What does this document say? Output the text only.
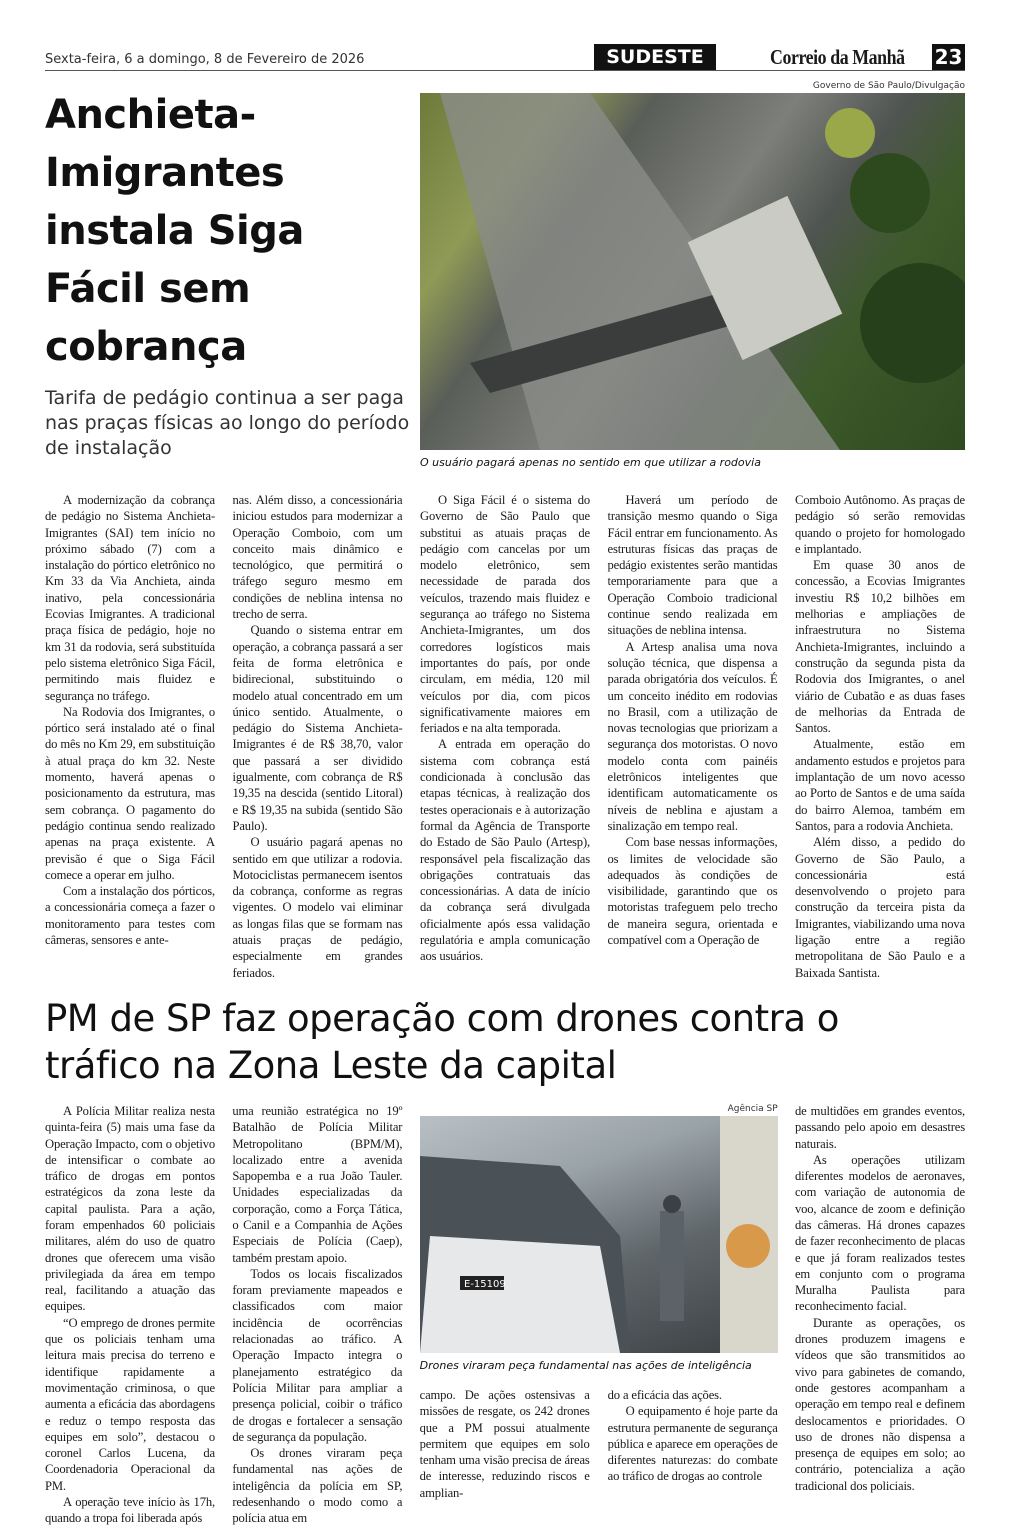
Sexta-feira, 6 a domingo, 8 de Fevereiro de 2026	SUDESTE	Correio da Manhã 23
Anchieta-Imigrantes instala Siga Fácil sem cobrança
Tarifa de pedágio continua a ser paga nas praças físicas ao longo do período de instalação
Governo de São Paulo/Divulgação
O usuário pagará apenas no sentido em que utilizar a rodovia

A modernização da cobrança de pedágio no Sistema Anchieta-Imigrantes (SAI) tem início no próximo sábado (7) com a instalação do pórtico eletrônico no Km 33 da Via Anchieta, ainda inativo, pela concessionária Ecovias Imigrantes. A tradicional praça física de pedágio, hoje no km 31 da rodovia, será substituída pelo sistema eletrônico Siga Fácil, permitindo mais fluidez e segurança no tráfego.

Na Rodovia dos Imigrantes, o pórtico será instalado até o final do mês no Km 29, em substituição à atual praça do km 32. Neste momento, haverá apenas o posicionamento da estrutura, mas sem cobrança. O pagamento do pedágio continua sendo realizado apenas na praça existente. A previsão é que o Siga Fácil comece a operar em julho.

Com a instalação dos pórticos, a concessionária começa a fazer o monitoramento para testes com câmeras, sensores e ante-

nas. Além disso, a concessionária iniciou estudos para modernizar a Operação Comboio, com um conceito mais dinâmico e tecnológico, que permitirá o tráfego seguro mesmo em condições de neblina intensa no trecho de serra.

Quando o sistema entrar em operação, a cobrança passará a ser feita de forma eletrônica e bidirecional, substituindo o modelo atual concentrado em um único sentido. Atualmente, o pedágio do Sistema Anchieta-Imigrantes é de R$ 38,70, valor que passará a ser dividido igualmente, com cobrança de R$ 19,35 na descida (sentido Litoral) e R$ 19,35 na subida (sentido São Paulo).

O usuário pagará apenas no sentido em que utilizar a rodovia. Motociclistas permanecem isentos da cobrança, conforme as regras vigentes. O modelo vai eliminar as longas filas que se formam nas atuais praças de pedágio, especialmente em grandes feriados.

O Siga Fácil é o sistema do Governo de São Paulo que substitui as atuais praças de pedágio com cancelas por um modelo eletrônico, sem necessidade de parada dos veículos, trazendo mais fluidez e segurança ao tráfego no Sistema Anchieta-Imigrantes, um dos corredores logísticos mais importantes do país, por onde circulam, em média, 120 mil veículos por dia, com picos significativamente maiores em feriados e na alta temporada.

A entrada em operação do sistema com cobrança está condicionada à conclusão das etapas técnicas, à realização dos testes operacionais e à autorização formal da Agência de Transporte do Estado de São Paulo (Artesp), responsável pela fiscalização das obrigações contratuais das concessionárias. A data de início da cobrança será divulgada oficialmente após essa validação regulatória e ampla comunicação aos usuários.

Haverá um período de transição mesmo quando o Siga Fácil entrar em funcionamento. As estruturas físicas das praças de pedágio existentes serão mantidas temporariamente para que a Operação Comboio tradicional continue sendo realizada em situações de neblina intensa.

A Artesp analisa uma nova solução técnica, que dispensa a parada obrigatória dos veículos. É um conceito inédito em rodovias no Brasil, com a utilização de novas tecnologias que priorizam a segurança dos motoristas. O novo modelo conta com painéis eletrônicos inteligentes que identificam automaticamente os níveis de neblina e ajustam a sinalização em tempo real.

Com base nessas informações, os limites de velocidade são adequados às condições de visibilidade, garantindo que os motoristas trafeguem pelo trecho de maneira segura, orientada e compatível com a Operação de

Comboio Autônomo. As praças de pedágio só serão removidas quando o projeto for homologado e implantado.

Em quase 30 anos de concessão, a Ecovias Imigrantes investiu R$ 10,2 bilhões em melhorias e ampliações de infraestrutura no Sistema Anchieta-Imigrantes, incluindo a construção da segunda pista da Rodovia dos Imigrantes, o anel viário de Cubatão e as duas fases de melhorias da Entrada de Santos.

Atualmente, estão em andamento estudos e projetos para implantação de um novo acesso ao Porto de Santos e de uma saída do bairro Alemoa, também em Santos, para a rodovia Anchieta.

Além disso, a pedido do Governo de São Paulo, a concessionária está desenvolvendo o projeto para construção da terceira pista da Imigrantes, viabilizando uma nova ligação entre a região metropolitana de São Paulo e a Baixada Santista.

PM de SP faz operação com drones contra o tráfico na Zona Leste da capital

A Polícia Militar realiza nesta quinta-feira (5) mais uma fase da Operação Impacto, com o objetivo de intensificar o combate ao tráfico de drogas em pontos estratégicos da zona leste da capital paulista. Para a ação, foram empenhados 60 policiais militares, além do uso de quatro drones que oferecem uma visão privilegiada da área em tempo real, facilitando a atuação das equipes.

“O emprego de drones permite que os policiais tenham uma leitura mais precisa do terreno e identifique rapidamente a movimentação criminosa, o que aumenta a eficácia das abordagens e reduz o tempo resposta das equipes em solo”, destacou o coronel Carlos Lucena, da Coordenadoria Operacional da PM.

A operação teve início às 17h, quando a tropa foi liberada após

uma reunião estratégica no 19º Batalhão de Polícia Militar Metropolitano (BPM/M), localizado entre a avenida Sapopemba e a rua João Tauler. Unidades especializadas da corporação, como a Força Tática, o Canil e a Companhia de Ações Especiais de Polícia (Caep), também prestam apoio.

Todos os locais fiscalizados foram previamente mapeados e classificados com maior incidência de ocorrências relacionadas ao tráfico. A Operação Impacto integra o planejamento estratégico da Polícia Militar para ampliar a presença policial, coibir o tráfico de drogas e fortalecer a sensação de segurança da população.

Os drones viraram peça fundamental nas ações de inteligência da polícia em SP, redesenhando o modo como a polícia atua em

Agência SP
E-15109
Drones viraram peça fundamental nas ações de inteligência

campo. De ações ostensivas a missões de resgate, os 242 drones que a PM possui atualmente permitem que equipes em solo tenham uma visão precisa de áreas de interesse, reduzindo riscos e amplian-

do a eficácia das ações.

O equipamento é hoje parte da estrutura permanente de segurança pública e aparece em operações de diferentes naturezas: do combate ao tráfico de drogas ao controle

de multidões em grandes eventos, passando pelo apoio em desastres naturais.

As operações utilizam diferentes modelos de aeronaves, com variação de autonomia de voo, alcance de zoom e definição das câmeras. Há drones capazes de fazer reconhecimento de placas e que já foram realizados testes em conjunto com o programa Muralha Paulista para reconhecimento facial.

Durante as operações, os drones produzem imagens e vídeos que são transmitidos ao vivo para gabinetes de comando, onde gestores acompanham a operação em tempo real e definem deslocamentos e prioridades. O uso de drones não dispensa a presença de equipes em solo; ao contrário, potencializa a ação tradicional dos policiais.
